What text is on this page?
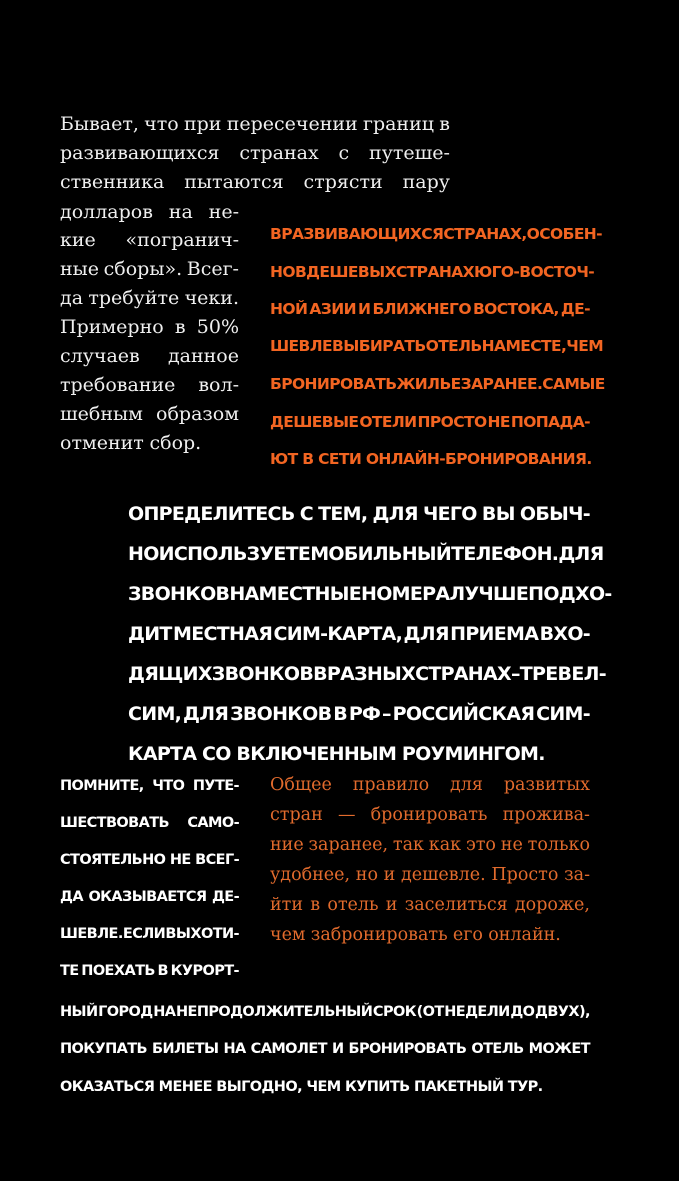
Бывает, что при пересечении границ в
развивающихся странах с путеше-
ственника пытаются стрясти пару
долларов на не-
кие «погранич-
ные сборы». Всег-
да требуйте чеки.
Примерно в 50%
случаев данное
требование вол-
шебным образом
отменит сбор.
В РАЗВИВАЮЩИХСЯ СТРАНАХ, ОСОБЕН-
НО В ДЕШЕВЫХ СТРАНАХ ЮГО-ВОСТОЧ-
НОЙ АЗИИ И БЛИЖНЕГО ВОСТОКА, ДЕ-
ШЕВЛЕ ВЫБИРАТЬ ОТЕЛЬ НА МЕСТЕ, ЧЕМ
БРОНИРОВАТЬ ЖИЛЬЕ ЗАРАНЕЕ. САМЫЕ
ДЕШЕВЫЕ ОТЕЛИ ПРОСТО НЕ ПОПАДА-
ЮТ В СЕТИ ОНЛАЙН-БРОНИРОВАНИЯ.
ОПРЕДЕЛИТЕСЬ С ТЕМ, ДЛЯ ЧЕГО ВЫ ОБЫЧ-
НО ИСПОЛЬЗУЕТЕ МОБИЛЬНЫЙ ТЕЛЕФОН. ДЛЯ
ЗВОНКОВ НА МЕСТНЫЕ НОМЕРА ЛУЧШЕ ПОДХО-
ДИТ МЕСТНАЯ СИМ-КАРТА, ДЛЯ ПРИЕМА ВХО-
ДЯЩИХ ЗВОНКОВ В РАЗНЫХ СТРАНАХ – ТРЕВЕЛ-
СИМ, ДЛЯ ЗВОНКОВ В РФ – РОССИЙСКАЯ СИМ-
КАРТА СО ВКЛЮЧЕННЫМ РОУМИНГОМ.
ПОМНИТЕ, ЧТО ПУТЕ-
ШЕСТВОВАТЬ САМО-
СТОЯТЕЛЬНО НЕ ВСЕГ-
ДА ОКАЗЫВАЕТСЯ ДЕ-
ШЕВЛЕ. ЕСЛИ ВЫ ХОТИ-
ТЕ ПОЕХАТЬ В КУРОРТ-
НЫЙ ГОРОД НА НЕПРОДОЛЖИТЕЛЬНЫЙ СРОК (ОТ НЕДЕЛИ ДО ДВУХ),
ПОКУПАТЬ БИЛЕТЫ НА САМОЛЕТ И БРОНИРОВАТЬ ОТЕЛЬ МОЖЕТ
ОКАЗАТЬСЯ МЕНЕЕ ВЫГОДНО, ЧЕМ КУПИТЬ ПАКЕТНЫЙ ТУР.
Общее правило для развитых
стран — бронировать прожива-
ние заранее, так как это не только
удобнее, но и дешевле. Просто за-
йти в отель и заселиться дороже,
чем забронировать его онлайн.
